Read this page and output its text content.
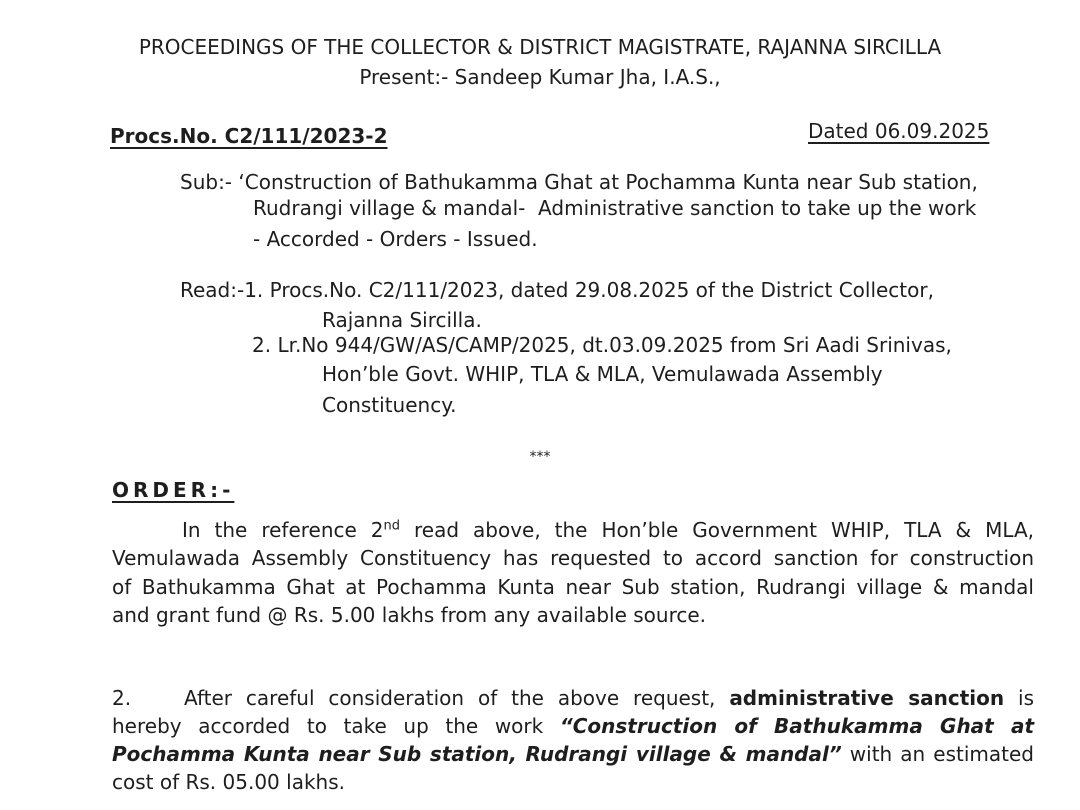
PROCEEDINGS OF THE COLLECTOR & DISTRICT MAGISTRATE, RAJANNA SIRCILLA
Present:- Sandeep Kumar Jha, I.A.S.,
Procs.No. C2/111/2023-2	Dated 06.09.2025
Sub:- ‘Construction of Bathukamma Ghat at Pochamma Kunta near Sub station,
Rudrangi village & mandal-  Administrative sanction to take up the work
- Accorded - Orders - Issued.
Read:-1. Procs.No. C2/111/2023, dated 29.08.2025 of the District Collector,
Rajanna Sircilla.
2. Lr.No 944/GW/AS/CAMP/2025, dt.03.09.2025 from Sri Aadi Srinivas,
Hon’ble Govt. WHIP, TLA & MLA, Vemulawada Assembly
Constituency.
***
ORDER:-
In the reference 2nd read above, the Hon’ble Government WHIP, TLA & MLA,
Vemulawada Assembly Constituency has requested to accord sanction for construction
of Bathukamma Ghat at Pochamma Kunta near Sub station, Rudrangi village & mandal
and grant fund @ Rs. 5.00 lakhs from any available source.
2.	After careful consideration of the above request, administrative sanction is
hereby accorded to take up the work “Construction of Bathukamma Ghat at
Pochamma Kunta near Sub station, Rudrangi village & mandal” with an estimated
cost of Rs. 05.00 lakhs.
